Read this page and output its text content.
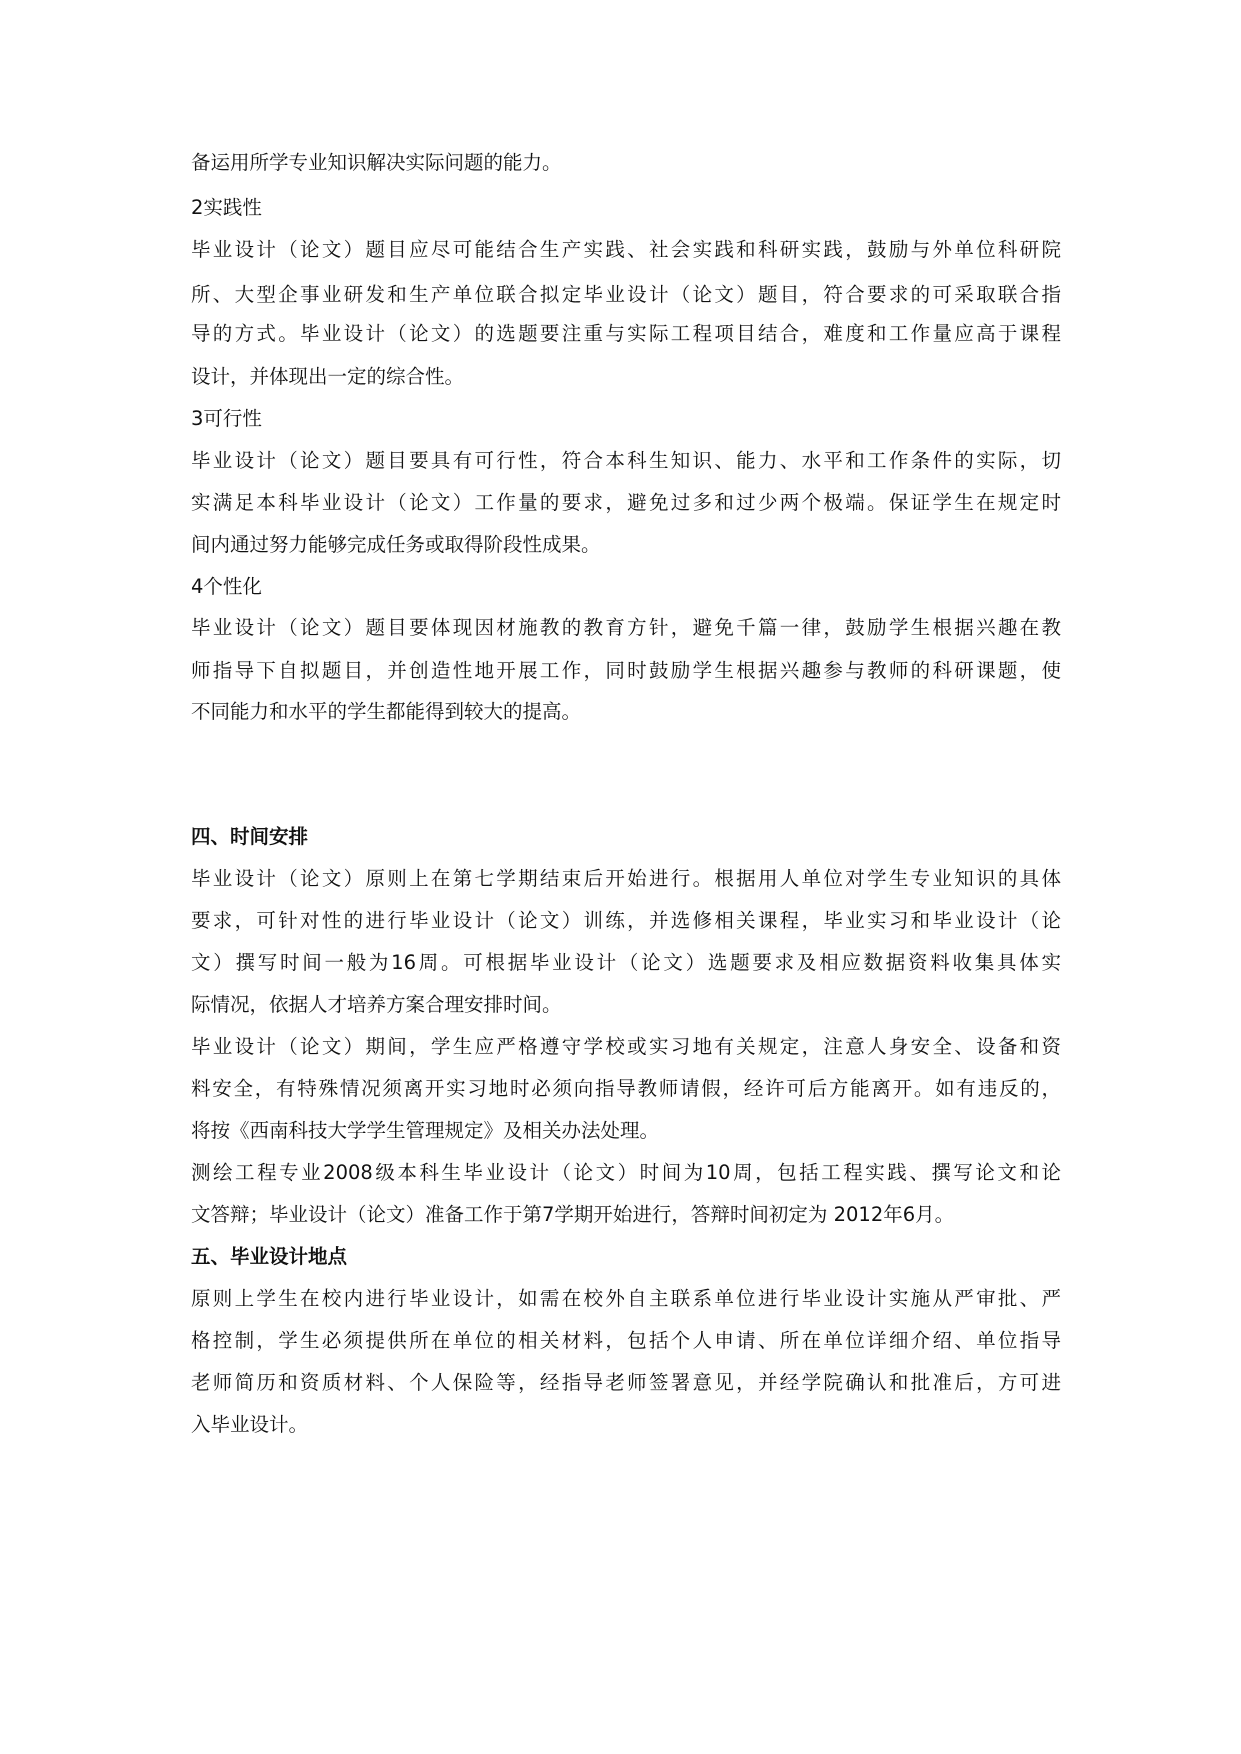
备运用所学专业知识解决实际问题的能力。
2实践性
毕业设计（论文）题目应尽可能结合生产实践、社会实践和科研实践，鼓励与外单位科研院
所、大型企事业研发和生产单位联合拟定毕业设计（论文）题目，符合要求的可采取联合指
导的方式。毕业设计（论文）的选题要注重与实际工程项目结合，难度和工作量应高于课程
设计，并体现出一定的综合性。
3可行性
毕业设计（论文）题目要具有可行性，符合本科生知识、能力、水平和工作条件的实际，切
实满足本科毕业设计（论文）工作量的要求，避免过多和过少两个极端。保证学生在规定时
间内通过努力能够完成任务或取得阶段性成果。
4个性化
毕业设计（论文）题目要体现因材施教的教育方针，避免千篇一律，鼓励学生根据兴趣在教
师指导下自拟题目，并创造性地开展工作，同时鼓励学生根据兴趣参与教师的科研课题，使
不同能力和水平的学生都能得到较大的提高。
四、时间安排
毕业设计（论文）原则上在第七学期结束后开始进行。根据用人单位对学生专业知识的具体
要求，可针对性的进行毕业设计（论文）训练，并选修相关课程，毕业实习和毕业设计（论
文）撰写时间一般为16周。可根据毕业设计（论文）选题要求及相应数据资料收集具体实
际情况，依据人才培养方案合理安排时间。
毕业设计（论文）期间，学生应严格遵守学校或实习地有关规定，注意人身安全、设备和资
料安全，有特殊情况须离开实习地时必须向指导教师请假，经许可后方能离开。如有违反的，
将按《西南科技大学学生管理规定》及相关办法处理。
测绘工程专业2008级本科生毕业设计（论文）时间为10周，包括工程实践、撰写论文和论
文答辩；毕业设计（论文）准备工作于第7学期开始进行，答辩时间初定为 2012年6月。
五、毕业设计地点
原则上学生在校内进行毕业设计，如需在校外自主联系单位进行毕业设计实施从严审批、严
格控制，学生必须提供所在单位的相关材料，包括个人申请、所在单位详细介绍、单位指导
老师简历和资质材料、个人保险等，经指导老师签署意见，并经学院确认和批准后，方可进
入毕业设计。
